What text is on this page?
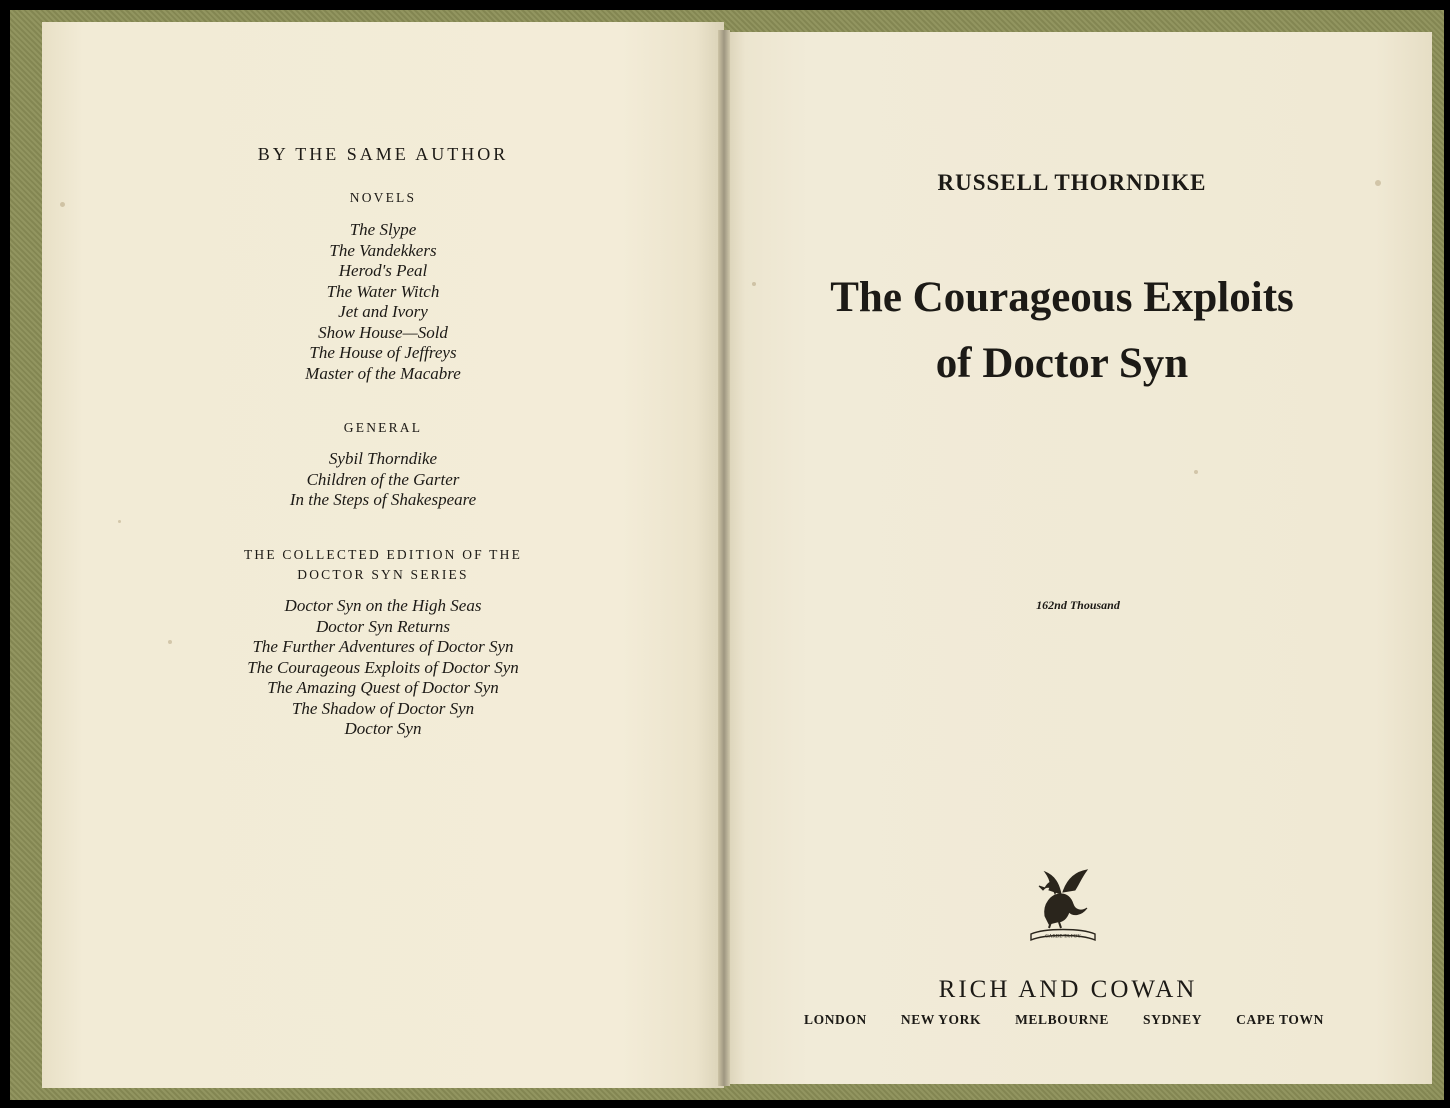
BY THE SAME AUTHOR
NOVELS
The Slype
The Vandekkers
Herod's Peal
The Water Witch
Jet and Ivory
Show House—Sold
The House of Jeffreys
Master of the Macabre
GENERAL
Sybil Thorndike
Children of the Garter
In the Steps of Shakespeare
THE COLLECTED EDITION OF THE
DOCTOR SYN SERIES
Doctor Syn on the High Seas
Doctor Syn Returns
The Further Adventures of Doctor Syn
The Courageous Exploits of Doctor Syn
The Amazing Quest of Doctor Syn
The Shadow of Doctor Syn
Doctor Syn
RUSSELL THORNDIKE
The Courageous Exploits
of Doctor Syn
162nd Thousand
GARDE TA FOY
RICH AND COWAN
LONDON	NEW YORK	MELBOURNE	SYDNEY	CAPE TOWN
